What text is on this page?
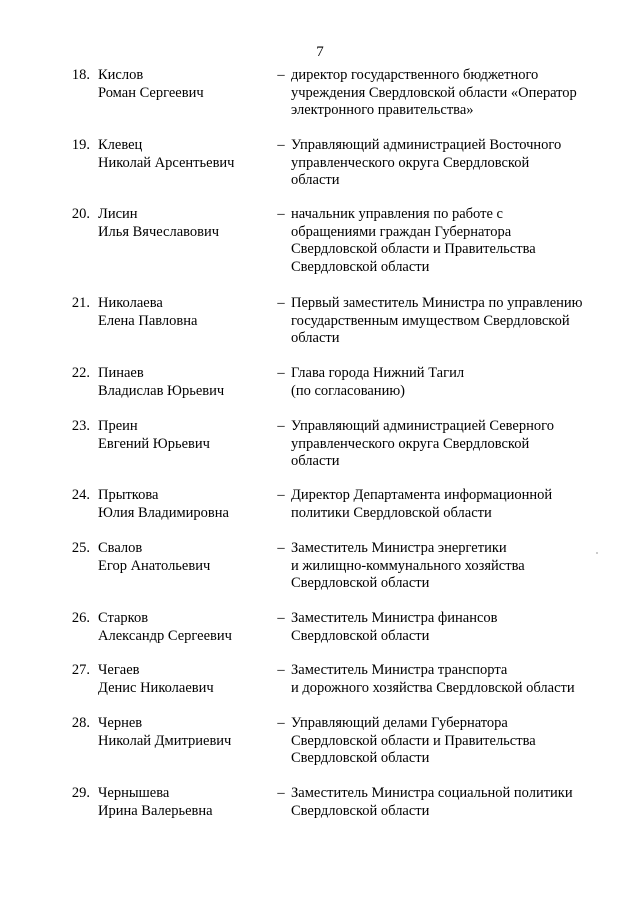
7
18. Кислов
Роман Сергеевич
– директор государственного бюджетного
учреждения Свердловской области «Оператор
электронного правительства»
19. Клевец
Николай Арсентьевич
– Управляющий администрацией Восточного
управленческого округа Свердловской
области
20. Лисин
Илья Вячеславович
– начальник управления по работе с
обращениями граждан Губернатора
Свердловской области и Правительства
Свердловской области
21. Николаева
Елена Павловна
– Первый заместитель Министра по управлению
государственным имуществом Свердловской
области
22. Пинаев
Владислав Юрьевич
– Глава города Нижний Тагил
(по согласованию)
23. Преин
Евгений Юрьевич
– Управляющий администрацией Северного
управленческого округа Свердловской
области
24. Прыткова
Юлия Владимировна
– Директор Департамента информационной
политики Свердловской области
25. Свалов
Егор Анатольевич
– Заместитель Министра энергетики
и жилищно-коммунального хозяйства
Свердловской области
26. Старков
Александр Сергеевич
– Заместитель Министра финансов
Свердловской области
27. Чегаев
Денис Николаевич
– Заместитель Министра транспорта
и дорожного хозяйства Свердловской области
28. Чернев
Николай Дмитриевич
– Управляющий делами Губернатора
Свердловской области и Правительства
Свердловской области
29. Чернышева
Ирина Валерьевна
– Заместитель Министра социальной политики
Свердловской области
